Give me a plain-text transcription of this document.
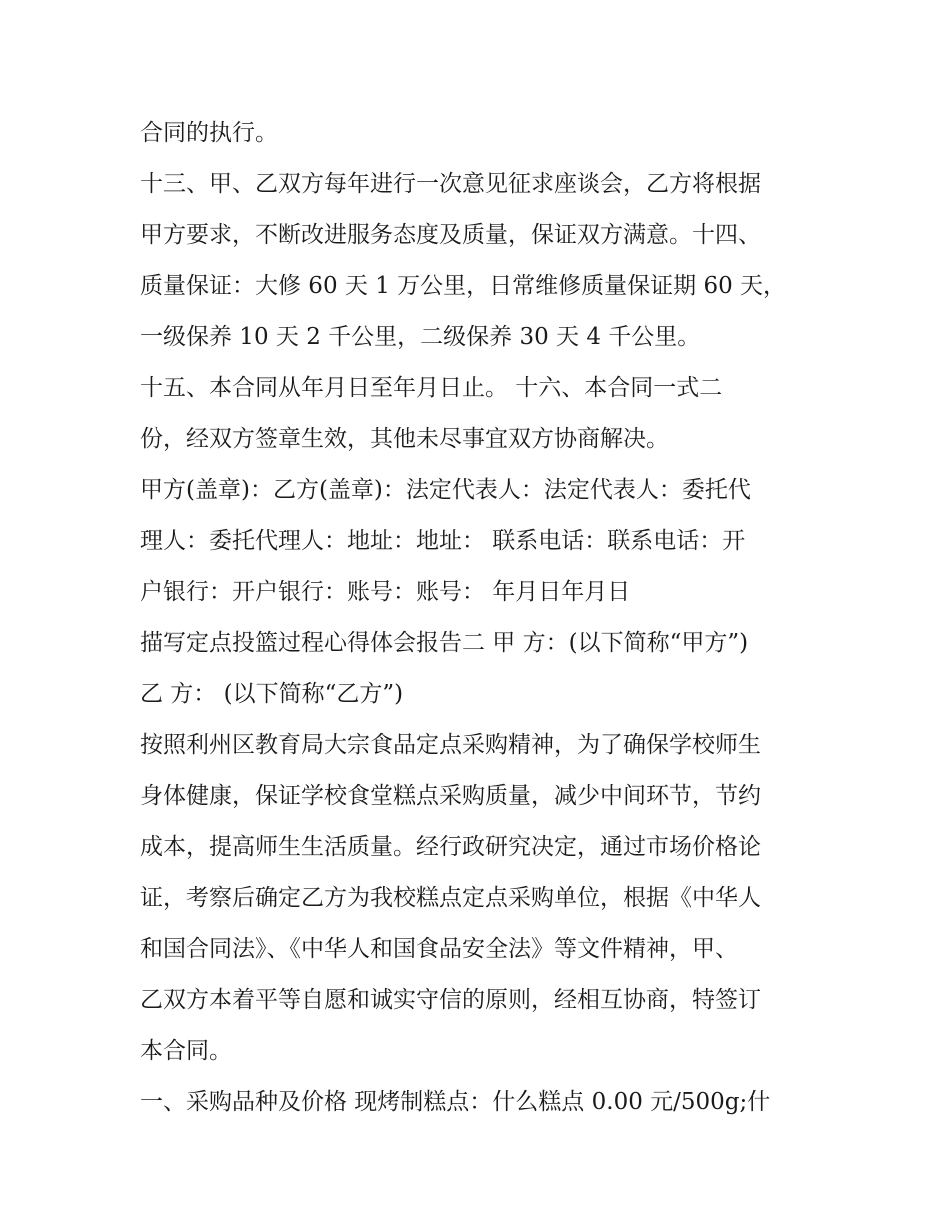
合同的执行。
十三、甲、乙双方每年进行一次意见征求座谈会，乙方将根据
甲方要求，不断改进服务态度及质量，保证双方满意。十四、
质量保证：大修 60 天 1 万公里，日常维修质量保证期 60 天，
一级保养 10 天 2 千公里，二级保养 30 天 4 千公里。
十五、本合同从年月日至年月日止。 十六、本合同一式二
份，经双方签章生效，其他未尽事宜双方协商解决。
甲方(盖章)：乙方(盖章)：法定代表人：法定代表人：委托代
理人：委托代理人：地址：地址： 联系电话：联系电话：开
户银行：开户银行：账号：账号： 年月日年月日
描写定点投篮过程心得体会报告二 甲 方：(以下简称“甲方”)
乙 方： (以下简称“乙方”)
按照利州区教育局大宗食品定点采购精神，为了确保学校师生
身体健康，保证学校食堂糕点采购质量，减少中间环节，节约
成本，提高师生生活质量。经行政研究决定，通过市场价格论
证，考察后确定乙方为我校糕点定点采购单位，根据《中华人
和国合同法》、《中华人和国食品安全法》等文件精神，甲、
乙双方本着平等自愿和诚实守信的原则，经相互协商，特签订
本合同。
一、采购品种及价格 现烤制糕点：什么糕点 0.00 元/500g;什
